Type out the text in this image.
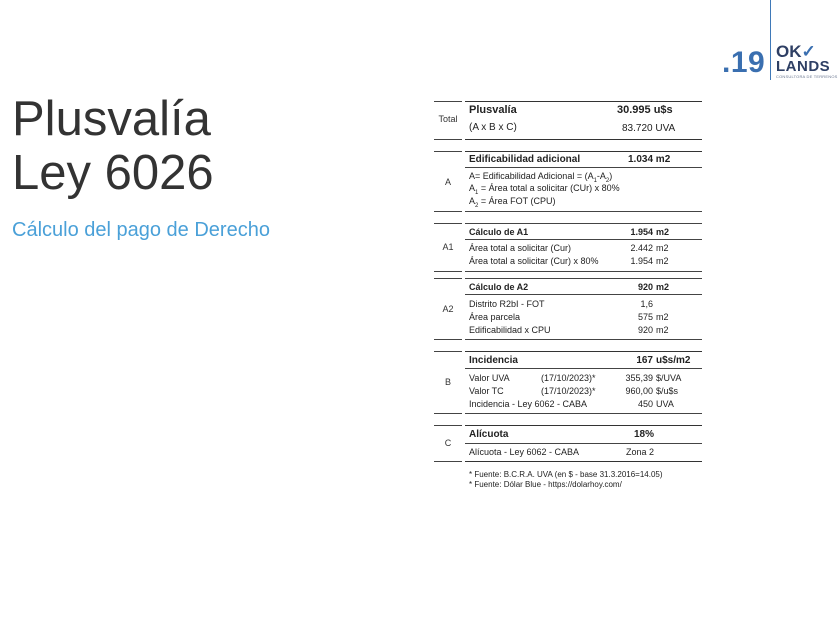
.19 OK✓
LANDS
CONSULTORA DE TERRENOS
Plusvalía
Ley 6026
Cálculo del pago de Derecho
Total
Plusvalía	30.995 u$s
(A x B x C)	83.720 UVA
A
Edificabilidad adicional	1.034 m2
A= Edificabilidad Adicional = $(A_1-A_2)$
$A_1$ = Área total a solicitar (CUr) x 80%
$A_2$ = Área FOT (CPU)
A1
Cálculo de A1	1.954 m2
Área total a solicitar (Cur)	2.442 m2
Área total a solicitar (Cur) x 80%	1.954 m2
A2
Cálculo de A2	920 m2
Distrito R2bI - FOT	1,6
Área parcela	575 m2
Edificabilidad x CPU	920 m2
B
Incidencia	167 u$s/m2
Valor UVA	(17/10/2023)*	355,39 $/UVA
Valor TC	(17/10/2023)*	960,00 $/u$s
Incidencia - Ley 6062 - CABA	450 UVA
C
Alícuota	18%
Alícuota - Ley 6062 - CABA	Zona 2
* Fuente: B.C.R.A. UVA (en $ - base 31.3.2016=14.05)
* Fuente: Dólar Blue - https://dolarhoy.com/
